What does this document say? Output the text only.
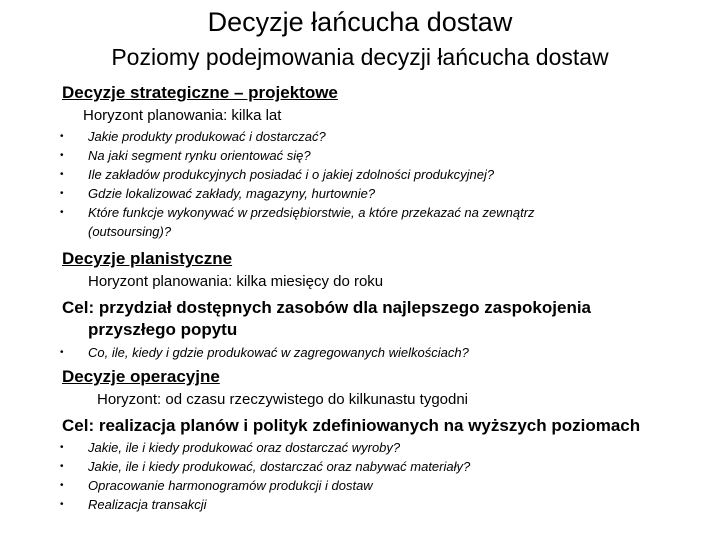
Decyzje łańcucha dostaw
Poziomy podejmowania decyzji łańcucha dostaw
Decyzje strategiczne – projektowe
Horyzont planowania: kilka lat
• Jakie produkty produkować i dostarczać?
• Na jaki segment rynku orientować się?
• Ile zakładów produkcyjnych posiadać i o jakiej zdolności produkcyjnej?
• Gdzie lokalizować zakłady, magazyny, hurtownie?
• Które funkcje wykonywać w przedsiębiorstwie, a które przekazać na zewnątrz
(outsoursing)?
Decyzje planistyczne
Horyzont planowania: kilka miesięcy do roku
Cel: przydział dostępnych zasobów dla najlepszego zaspokojenia
przyszłego popytu
• Co, ile, kiedy i gdzie produkować w zagregowanych wielkościach?
Decyzje operacyjne
Horyzont: od czasu rzeczywistego do kilkunastu tygodni
Cel: realizacja planów i polityk zdefiniowanych na wyższych poziomach
• Jakie, ile i kiedy produkować oraz dostarczać wyroby?
• Jakie, ile i kiedy produkować, dostarczać oraz nabywać materiały?
• Opracowanie harmonogramów produkcji i dostaw
• Realizacja transakcji
